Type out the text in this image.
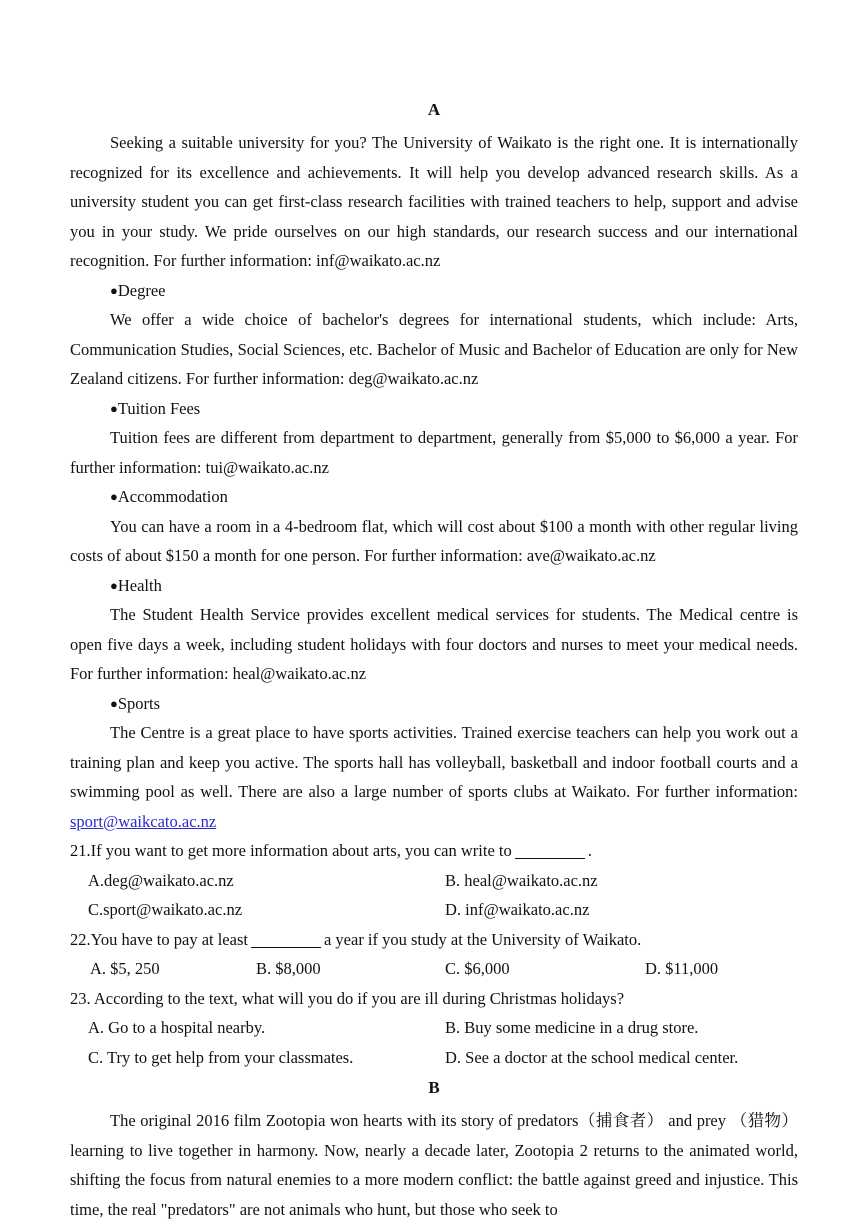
A

Seeking a suitable university for you? The University of Waikato is the right one. It is internationally recognized for its excellence and achievements. It will help you develop advanced research skills. As a university student you can get first-class research facilities with trained teachers to help, support and advise you in your study. We pride ourselves on our high standards, our research success and our international recognition. For further information: inf@waikato.ac.nz

●Degree

We offer a wide choice of bachelor's degrees for international students, which include: Arts, Communication Studies, Social Sciences, etc. Bachelor of Music and Bachelor of Education are only for New Zealand citizens. For further information: deg@waikato.ac.nz

●Tuition Fees

Tuition fees are different from department to department, generally from $5,000 to $6,000 a year. For further information: tui@waikato.ac.nz

●Accommodation

You can have a room in a 4-bedroom flat, which will cost about $100 a month with other regular living costs of about $150 a month for one person. For further information: ave@waikato.ac.nz

●Health

The Student Health Service provides excellent medical services for students. The Medical centre is open five days a week, including student holidays with four doctors and nurses to meet your medical needs. For further information: heal@waikato.ac.nz

●Sports

The Centre is a great place to have sports activities. Trained exercise teachers can help you work out a training plan and keep you active. The sports hall has volleyball, basketball and indoor football courts and a swimming pool as well. There are also a large number of sports clubs at Waikato. For further information: sport@waikcato.ac.nz

21.If you want to get more information about arts, you can write to	.

A.deg@waikato.ac.nz	B. heal@waikato.ac.nz
C.sport@waikato.ac.nz	D. inf@waikato.ac.nz

22.You have to pay at least	a year if you study at the University of Waikato.

A. $5, 250	B. $8,000	C. $6,000	D. $11,000

23. According to the text, what will you do if you are ill during Christmas holidays?

A. Go to a hospital nearby.	B. Buy some medicine in a drug store.
C. Try to get help from your classmates.	D. See a doctor at the school medical center.
B

The original 2016 film Zootopia won hearts with its story of predators（捕食者） and prey （猎物） learning to live together in harmony. Now, nearly a decade later, Zootopia 2 returns to the animated world, shifting the focus from natural enemies to a more modern conflict: the battle against greed and injustice. This time, the real "predators" are not animals who hunt, but those who seek to
